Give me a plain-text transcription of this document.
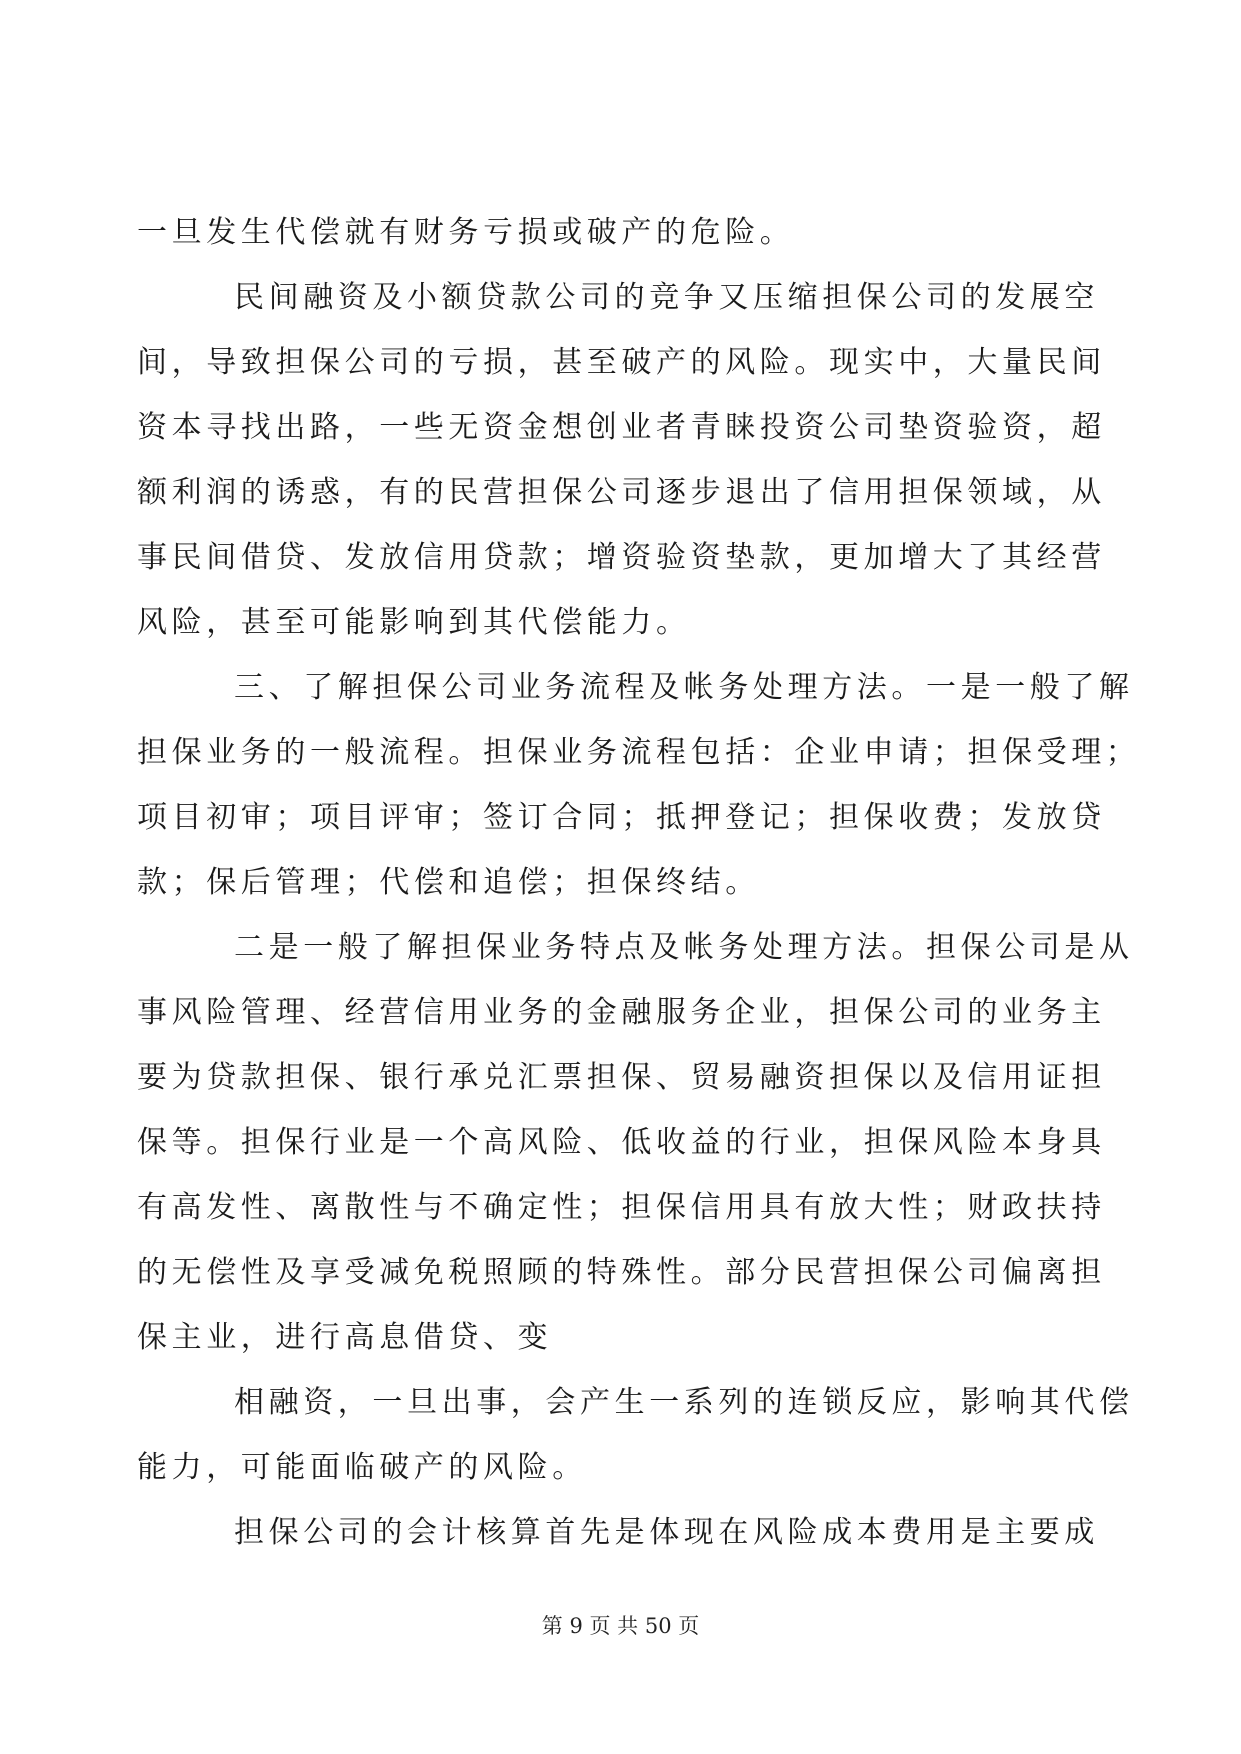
一旦发生代偿就有财务亏损或破产的危险。
民间融资及小额贷款公司的竞争又压缩担保公司的发展空
间，导致担保公司的亏损，甚至破产的风险。现实中，大量民间
资本寻找出路，一些无资金想创业者青睐投资公司垫资验资，超
额利润的诱惑，有的民营担保公司逐步退出了信用担保领域，从
事民间借贷、发放信用贷款；增资验资垫款，更加增大了其经营
风险，甚至可能影响到其代偿能力。
三、了解担保公司业务流程及帐务处理方法。一是一般了解
担保业务的一般流程。担保业务流程包括：企业申请；担保受理；
项目初审；项目评审；签订合同；抵押登记；担保收费；发放贷
款；保后管理；代偿和追偿；担保终结。
二是一般了解担保业务特点及帐务处理方法。担保公司是从
事风险管理、经营信用业务的金融服务企业，担保公司的业务主
要为贷款担保、银行承兑汇票担保、贸易融资担保以及信用证担
保等。担保行业是一个高风险、低收益的行业，担保风险本身具
有高发性、离散性与不确定性；担保信用具有放大性；财政扶持
的无偿性及享受减免税照顾的特殊性。部分民营担保公司偏离担
保主业，进行高息借贷、变
相融资，一旦出事，会产生一系列的连锁反应，影响其代偿
能力，可能面临破产的风险。
担保公司的会计核算首先是体现在风险成本费用是主要成
第 9 页 共 50 页
